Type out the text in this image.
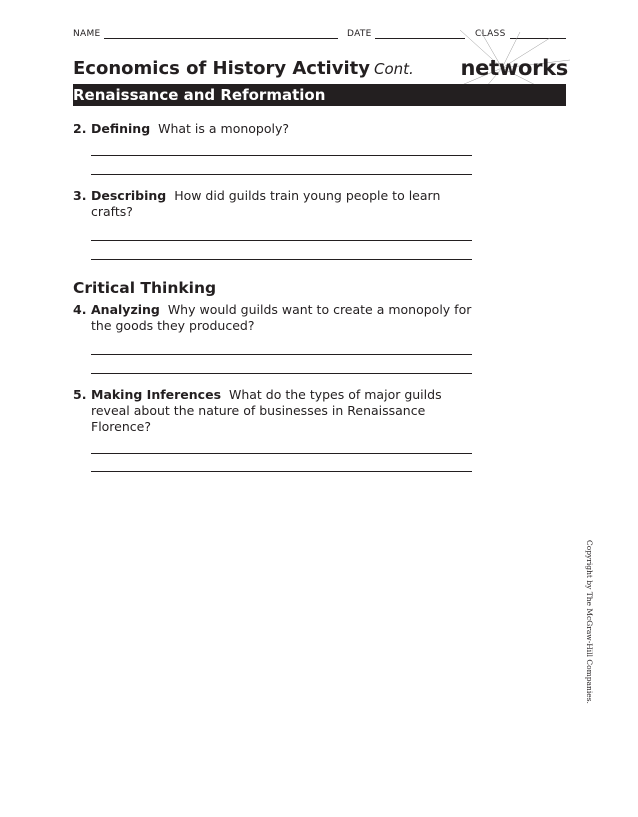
NAME	DATE	CLASS
Economics of History Activity Cont. networks
Renaissance and Reformation
2. Defining What is a monopoly?
3. Describing How did guilds train young people to learn crafts?
Critical Thinking
4. Analyzing Why would guilds want to create a monopoly for the goods they produced?
5. Making Inferences What do the types of major guilds reveal about the nature of businesses in Renaissance Florence?
Copyright by The McGraw-Hill Companies.
